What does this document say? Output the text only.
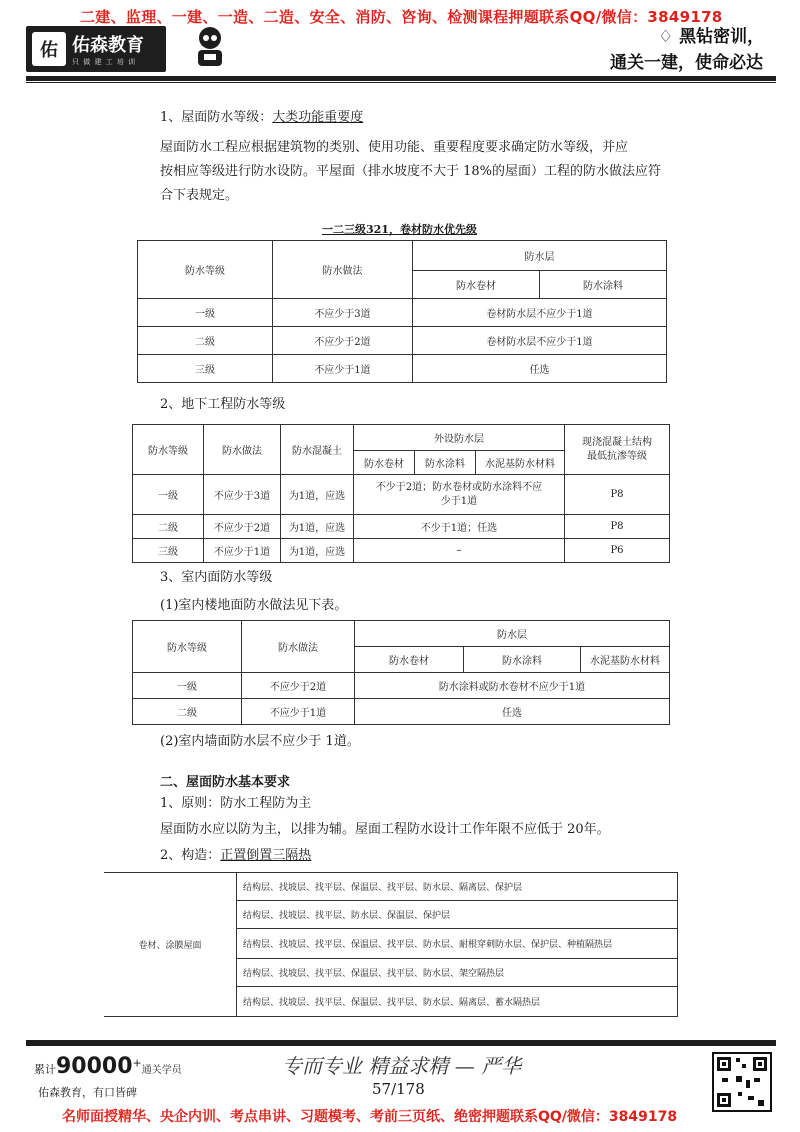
二建、监理、一建、一造、二造、安全、消防、咨询、检测课程押题联系QQ/微信：3849178
佑 佑森教育
只 做 建 工 培 训
♢ 黑钻密训，
通关一建，使命必达
1、屋面防水等级：大类功能重要度
屋面防水工程应根据建筑物的类别、使用功能、重要程度要求确定防水等级，并应
按相应等级进行防水设防。平屋面（排水坡度不大于 18%的屋面）工程的防水做法应符
合下表规定。
一二三级321，卷材防水优先级
防水等级	防水做法	防水层	
		防水卷材	防水涂料
一级	不应少于3道	卷材防水层不应少于1道	
二级	不应少于2道	卷材防水层不应少于1道	
三级	不应少于1道	任选	
2、地下工程防水等级
防水等级	防水做法	防水混凝土	外设防水层			现浇混凝土结构
最低抗渗等级

			防水卷材	防水涂料	水泥基防水材料	
一级	不应少于3道	为1道，应选	不少于2道；防水卷材或防水涂料不应
少于1道			P8
二级	不应少于2道	为1道，应选	不少于1道；任选			P8
三级	不应少于1道	为1道，应选	–			P6
3、室内面防水等级
(1)室内楼地面防水做法见下表。
防水等级	防水做法	防水层		
		防水卷材	防水涂料	水泥基防水材料
一级	不应少于2道	防水涂料或防水卷材不应少于1道		
二级	不应少于1道	任选		
(2)室内墙面防水层不应少于 1道。
二、屋面防水基本要求
1、原则：防水工程防为主
屋面防水应以防为主，以排为辅。屋面工程防水设计工作年限不应低于 20年。
2、构造：正置倒置三隔热
卷材、涂膜屋面	结构层、找坡层、找平层、保温层、找平层、防水层、隔离层、保护层
结构层、找坡层、找平层、防水层、保温层、保护层
结构层、找坡层、找平层、保温层、找平层、防水层、耐根穿刺防水层、保护层、种植隔热层
结构层、找坡层、找平层、保温层、找平层、防水层、架空隔热层
结构层、找坡层、找平层、保温层、找平层、防水层、隔离层、蓄水隔热层
累计90000+通关学员
佑森教育，有口皆碑
专而专业 精益求精 — 严华
57/178
名师面授精华、央企内训、考点串讲、习题模考、考前三页纸、绝密押题联系QQ/微信：3849178
